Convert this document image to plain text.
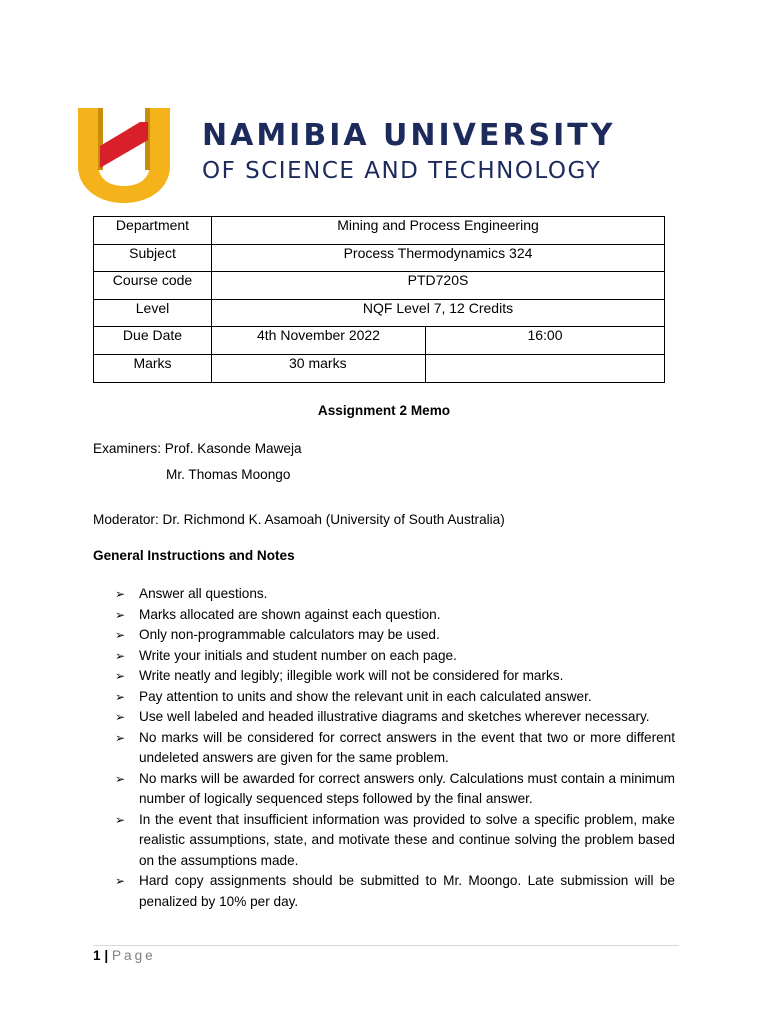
NAMIBIA UNIVERSITY
OF SCIENCE AND TECHNOLOGY
Department	Mining and Process Engineering	
Subject	Process Thermodynamics 324	
Course code	PTD720S	
Level	NQF Level 7, 12 Credits	
Due Date	4th November 2022	16:00
Marks	30 marks	

Assignment 2 Memo
Examiners: Prof. Kasonde Maweja
Mr. Thomas Moongo
Moderator: Dr. Richmond K. Asamoah (University of South Australia)
General Instructions and Notes
➢ Answer all questions.
➢ Marks allocated are shown against each question.
➢ Only non-programmable calculators may be used.
➢ Write your initials and student number on each page.
➢ Write neatly and legibly; illegible work will not be considered for marks.
➢ Pay attention to units and show the relevant unit in each calculated answer.
➢ Use well labeled and headed illustrative diagrams and sketches wherever necessary.
➢ No marks will be considered for correct answers in the event that two or more different undeleted answers are given for the same problem.
➢ No marks will be awarded for correct answers only. Calculations must contain a minimum number of logically sequenced steps followed by the final answer.
➢ In the event that insufficient information was provided to solve a specific problem, make realistic assumptions, state, and motivate these and continue solving the problem based on the assumptions made.
➢ Hard copy assignments should be submitted to Mr. Moongo. Late submission will be penalized by 10% per day.
1 | Page
